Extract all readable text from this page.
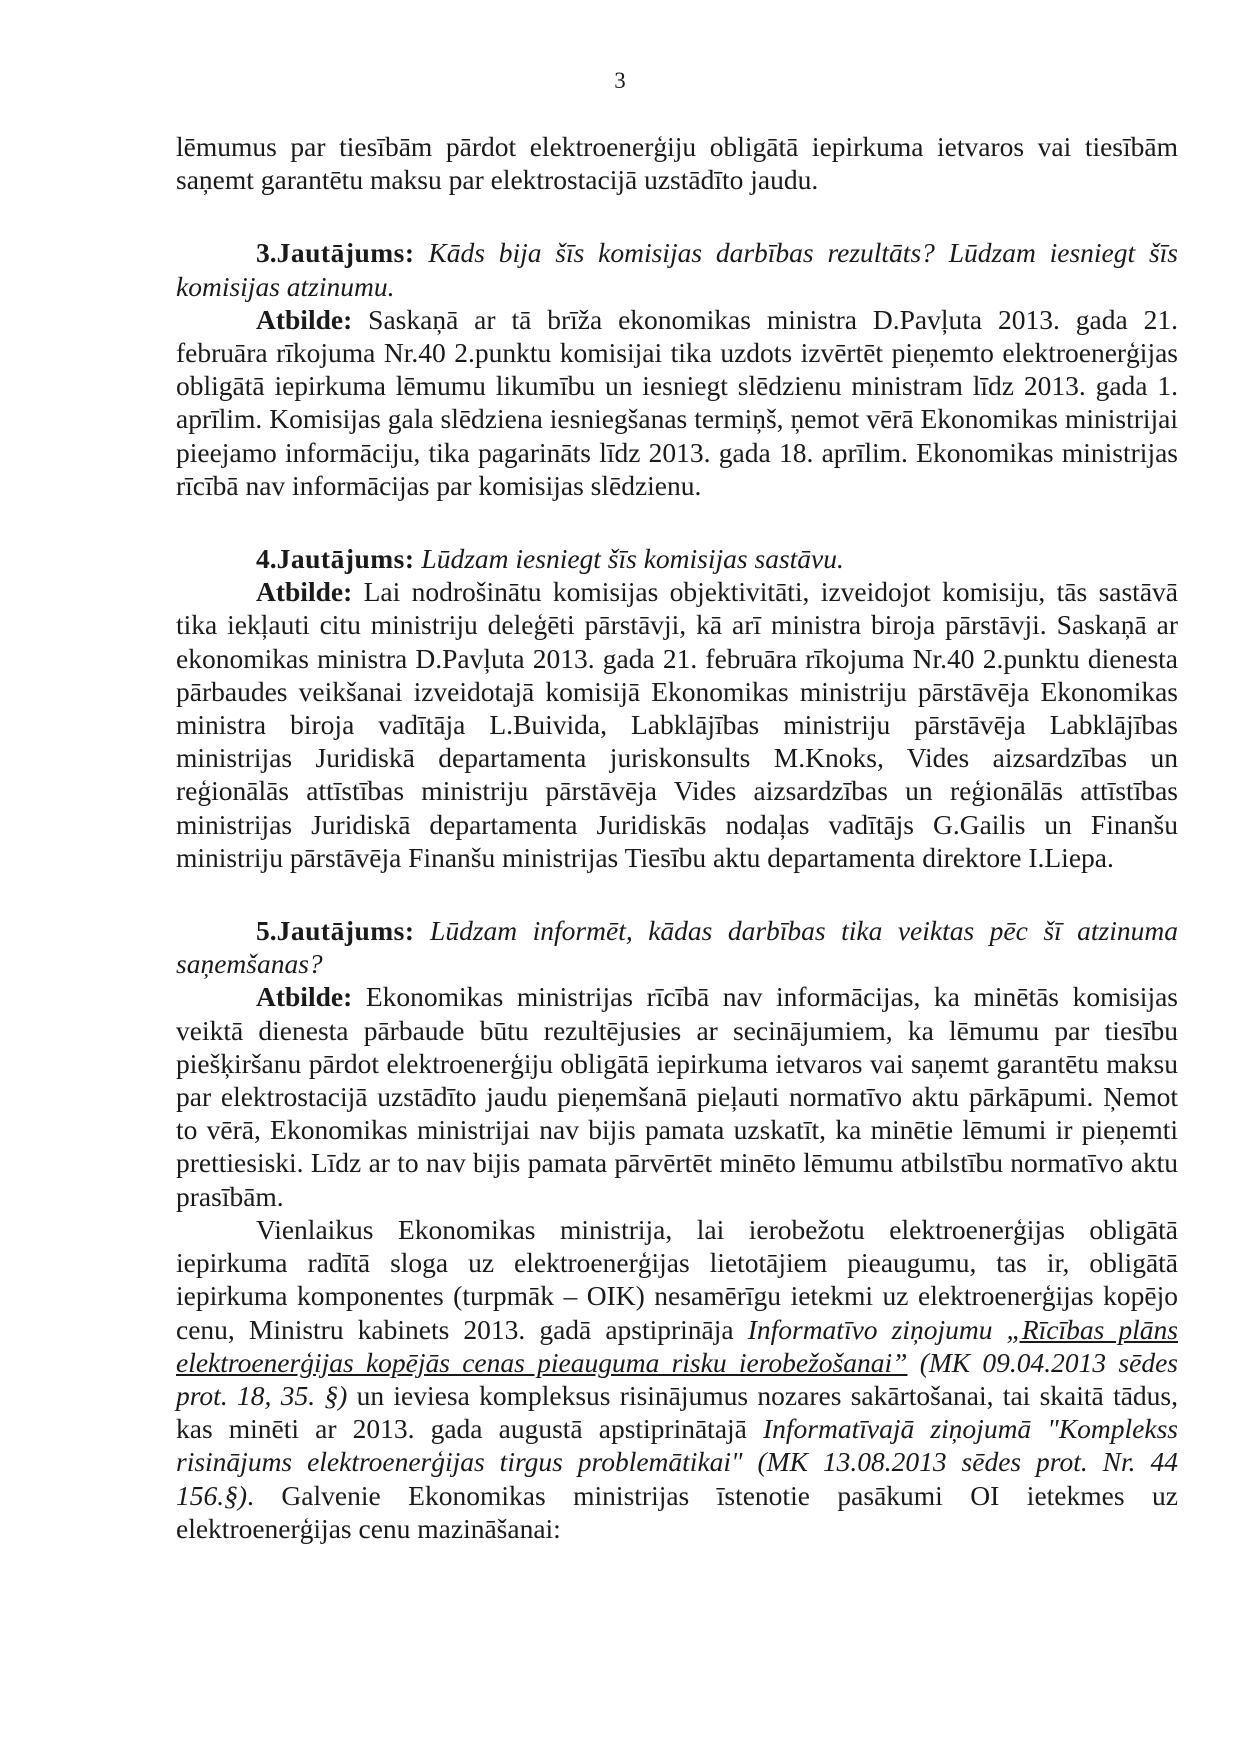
3

lēmumus par tiesībām pārdot elektroenerģiju obligātā iepirkuma ietvaros vai tiesībām saņemt garantētu maksu par elektrostacijā uzstādīto jaudu.

3.Jautājums: Kāds bija šīs komisijas darbības rezultāts? Lūdzam iesniegt šīs komisijas atzinumu.

Atbilde: Saskaņā ar tā brīža ekonomikas ministra D.Pavļuta 2013. gada 21. februāra rīkojuma Nr.40 2.punktu komisijai tika uzdots izvērtēt pieņemto elektroenerģijas obligātā iepirkuma lēmumu likumību un iesniegt slēdzienu ministram līdz 2013. gada 1. aprīlim. Komisijas gala slēdziena iesniegšanas termiņš, ņemot vērā Ekonomikas ministrijai pieejamo informāciju, tika pagarināts līdz 2013. gada 18. aprīlim. Ekonomikas ministrijas rīcībā nav informācijas par komisijas slēdzienu.

4.Jautājums: Lūdzam iesniegt šīs komisijas sastāvu.

Atbilde: Lai nodrošinātu komisijas objektivitāti, izveidojot komisiju, tās sastāvā tika iekļauti citu ministriju deleģēti pārstāvji, kā arī ministra biroja pārstāvji. Saskaņā ar ekonomikas ministra D.Pavļuta 2013. gada 21. februāra rīkojuma Nr.40 2.punktu dienesta pārbaudes veikšanai izveidotajā komisijā Ekonomikas ministriju pārstāvēja Ekonomikas ministra biroja vadītāja L.Buivida, Labklājības ministriju pārstāvēja Labklājības ministrijas Juridiskā departamenta juriskonsults M.Knoks, Vides aizsardzības un reģionālās attīstības ministriju pārstāvēja Vides aizsardzības un reģionālās attīstības ministrijas Juridiskā departamenta Juridiskās nodaļas vadītājs G.Gailis un Finanšu ministriju pārstāvēja Finanšu ministrijas Tiesību aktu departamenta direktore I.Liepa.

5.Jautājums: Lūdzam informēt, kādas darbības tika veiktas pēc šī atzinuma saņemšanas?

Atbilde: Ekonomikas ministrijas rīcībā nav informācijas, ka minētās komisijas veiktā dienesta pārbaude būtu rezultējusies ar secinājumiem, ka lēmumu par tiesību piešķiršanu pārdot elektroenerģiju obligātā iepirkuma ietvaros vai saņemt garantētu maksu par elektrostacijā uzstādīto jaudu pieņemšanā pieļauti normatīvo aktu pārkāpumi. Ņemot to vērā, Ekonomikas ministrijai nav bijis pamata uzskatīt, ka minētie lēmumi ir pieņemti prettiesiski. Līdz ar to nav bijis pamata pārvērtēt minēto lēmumu atbilstību normatīvo aktu prasībām.

Vienlaikus Ekonomikas ministrija, lai ierobežotu elektroenerģijas obligātā iepirkuma radītā sloga uz elektroenerģijas lietotājiem pieaugumu, tas ir, obligātā iepirkuma komponentes (turpmāk – OIK) nesamērīgu ietekmi uz elektroenerģijas kopējo cenu, Ministru kabinets 2013. gadā apstiprināja Informatīvo ziņojumu „Rīcības plāns elektroenerģijas kopējās cenas pieauguma risku ierobežošanai” (MK 09.04.2013 sēdes prot. 18, 35. §) un ieviesa kompleksus risinājumus nozares sakārtošanai, tai skaitā tādus, kas minēti ar 2013. gada augustā apstiprinātajā Informatīvajā ziņojumā "Komplekss risinājums elektroenerģijas tirgus problemātikai" (MK 13.08.2013 sēdes prot. Nr. 44 156.§). Galvenie Ekonomikas ministrijas īstenotie pasākumi OI ietekmes uz elektroenerģijas cenu mazināšanai:
